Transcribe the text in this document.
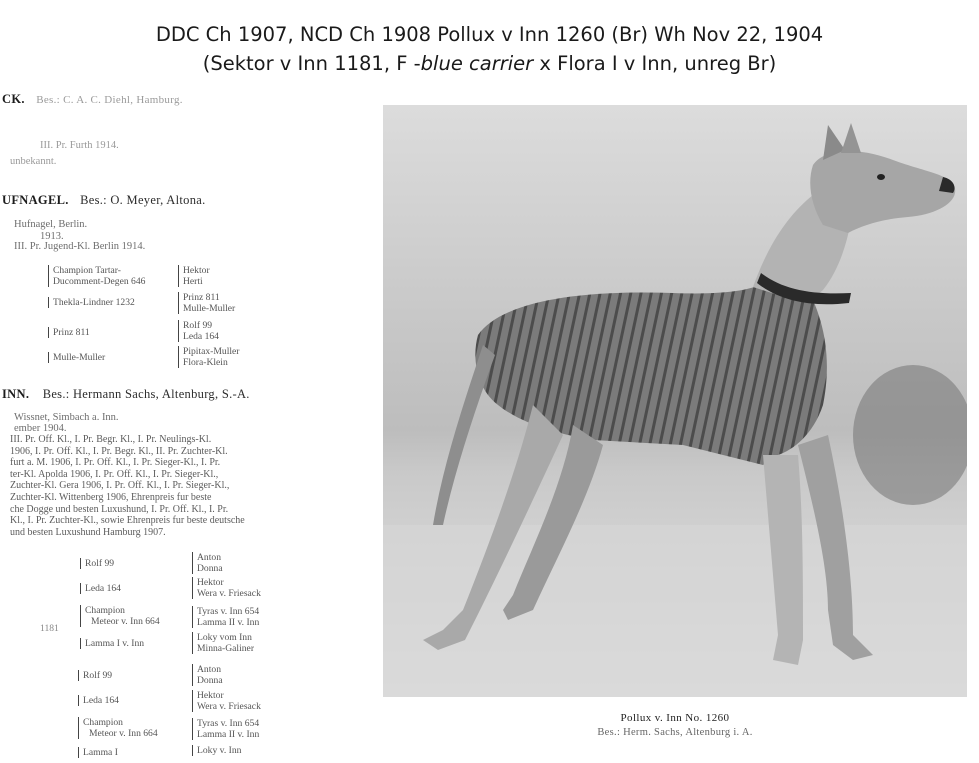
DDC Ch 1907, NCD Ch 1908 Pollux v Inn 1260 (Br) Wh Nov 22, 1904
(Sektor v Inn 1181, F -blue carrier x Flora I v Inn, unreg Br)
CK. Bes.: C. A. C. Diehl, Hamburg.
III. Pr. Furth 1914.
unbekannt.
UFNAGEL. Bes.: O. Meyer, Altona.
Hufnagel, Berlin.
1913.
III. Pr. Jugend-Kl. Berlin 1914.
Champion Tartar-
Ducomment-Degen 646
Thekla-Lindner 1232
Prinz 811
Mulle-Muller
Hektor
Herti
Prinz 811
Mulle-Muller
Rolf 99
Leda 164
Pipitax-Muller
Flora-Klein
INN. Bes.: Hermann Sachs, Altenburg, S.-A.
Wissnet, Simbach a. Inn.
ember 1904.
III. Pr. Off. Kl., I. Pr. Begr. Kl., I. Pr. Neulings-Kl.
1906, I. Pr. Off. Kl., I. Pr. Begr. Kl., II. Pr. Zuchter-Kl.
furt a. M. 1906, I. Pr. Off. Kl., I. Pr. Sieger-Kl., I. Pr.
ter-Kl. Apolda 1906, I. Pr. Off. Kl., I. Pr. Sieger-Kl.,
Zuchter-Kl. Gera 1906, I. Pr. Off. Kl., I. Pr. Sieger-Kl.,
Zuchter-Kl. Wittenberg 1906, Ehrenpreis fur beste
che Dogge und besten Luxushund, I. Pr. Off. Kl., I. Pr.
Kl., I. Pr. Zuchter-Kl., sowie Ehrenpreis fur beste deutsche
und besten Luxushund Hamburg 1907.
Rolf 99
Leda 164
Champion
Meteor v. Inn 664
Lamma I v. Inn
1181
Anton
Donna
Hektor
Wera v. Friesack
Tyras v. Inn 654
Lamma II v. Inn
Loky vom Inn
Minna-Galiner
Rolf 99
Leda 164
Champion
Meteor v. Inn 664
Lamma I
Anton
Donna
Hektor
Wera v. Friesack
Tyras v. Inn 654
Lamma II v. Inn
Loky v. Inn
Pollux v. Inn No. 1260
Bes.: Herm. Sachs, Altenburg i. A.
